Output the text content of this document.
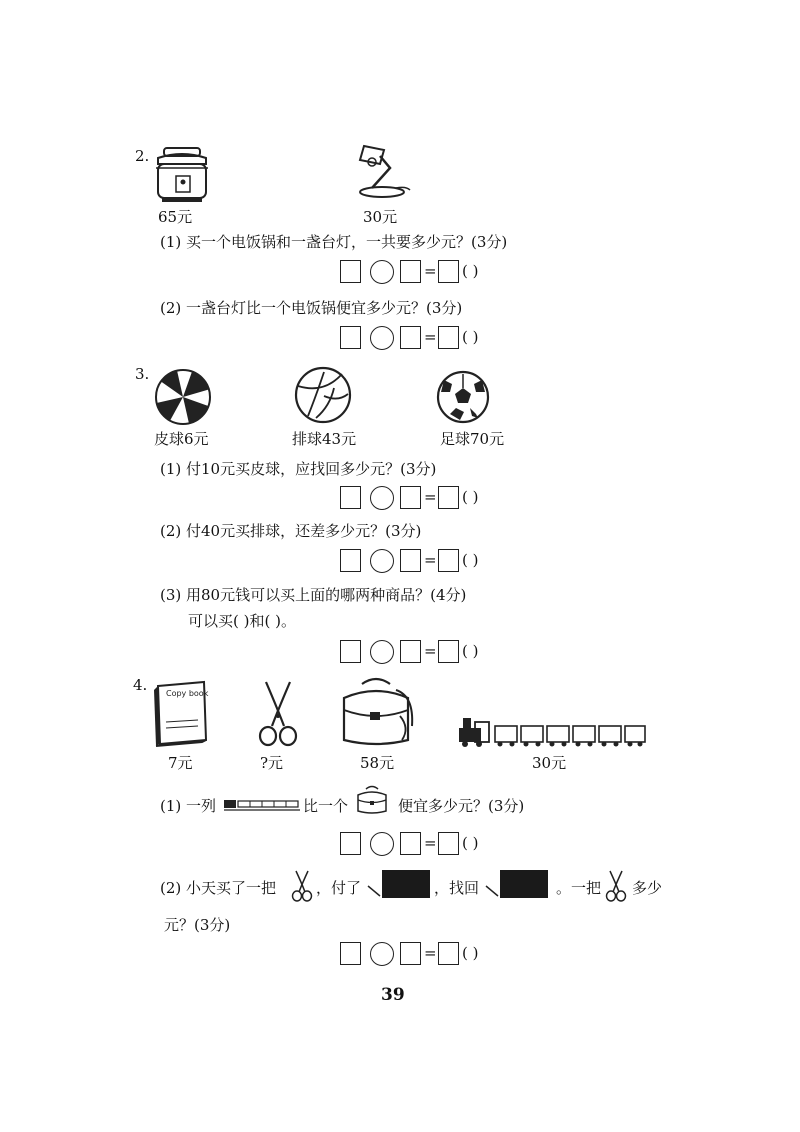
2.
65元	30元
(1) 买一个电饭锅和一盏台灯，一共要多少元？(3分)
= ( )
(2) 一盏台灯比一个电饭锅便宜多少元？(3分)
= ( )
3.
皮球6元	排球43元	足球70元
(1) 付10元买皮球，应找回多少元？(3分)
= ( )
(2) 付40元买排球，还差多少元？(3分)
= ( )
(3) 用80元钱可以买上面的哪两种商品？(4分)
可以买( )和( )。
= ( )
4. Copy book
7元	?元	58元	30元
(1) 一列	比一个	便宜多少元？(3分)
= ( )
(2) 小天买了一把	，付了	，找回	。一把 多少
元？(3分)
= ( )
39
